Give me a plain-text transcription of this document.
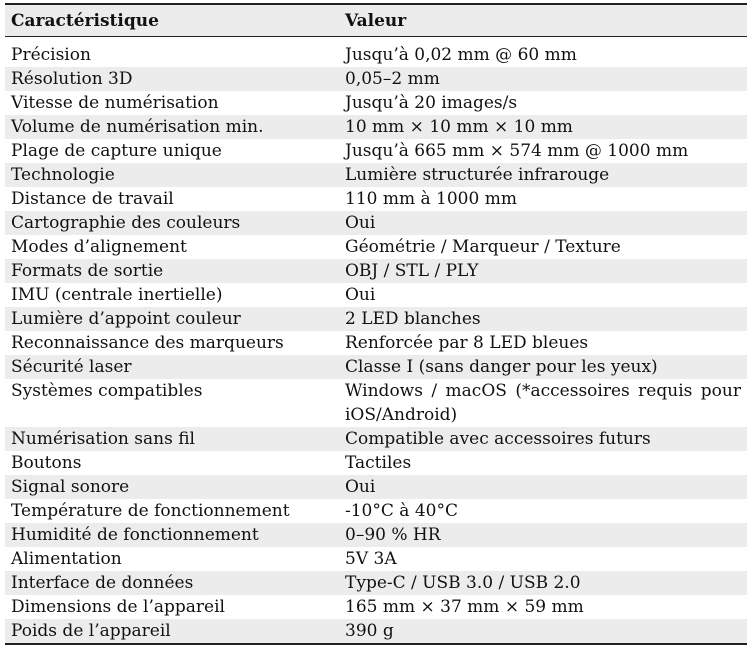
Caractéristique	Valeur
Précision	Jusqu’à 0,02 mm @ 60 mm
Résolution 3D	0,05–2 mm
Vitesse de numérisation	Jusqu’à 20 images/s
Volume de numérisation min.	10 mm × 10 mm × 10 mm
Plage de capture unique	Jusqu’à 665 mm × 574 mm @ 1000 mm
Technologie	Lumière structurée infrarouge
Distance de travail	110 mm à 1000 mm
Cartographie des couleurs	Oui
Modes d’alignement	Géométrie / Marqueur / Texture
Formats de sortie	OBJ / STL / PLY
IMU (centrale inertielle)	Oui
Lumière d’appoint couleur	2 LED blanches
Reconnaissance des marqueurs	Renforcée par 8 LED bleues
Sécurité laser	Classe I (sans danger pour les yeux)
Systèmes compatibles	Windows / macOS (*accessoires requis pour iOS/Android)
Numérisation sans fil	Compatible avec accessoires futurs
Boutons	Tactiles
Signal sonore	Oui
Température de fonctionnement	-10°C à 40°C
Humidité de fonctionnement	0–90 % HR
Alimentation	5V 3A
Interface de données	Type-C / USB 3.0 / USB 2.0
Dimensions de l’appareil	165 mm × 37 mm × 59 mm
Poids de l’appareil	390 g
